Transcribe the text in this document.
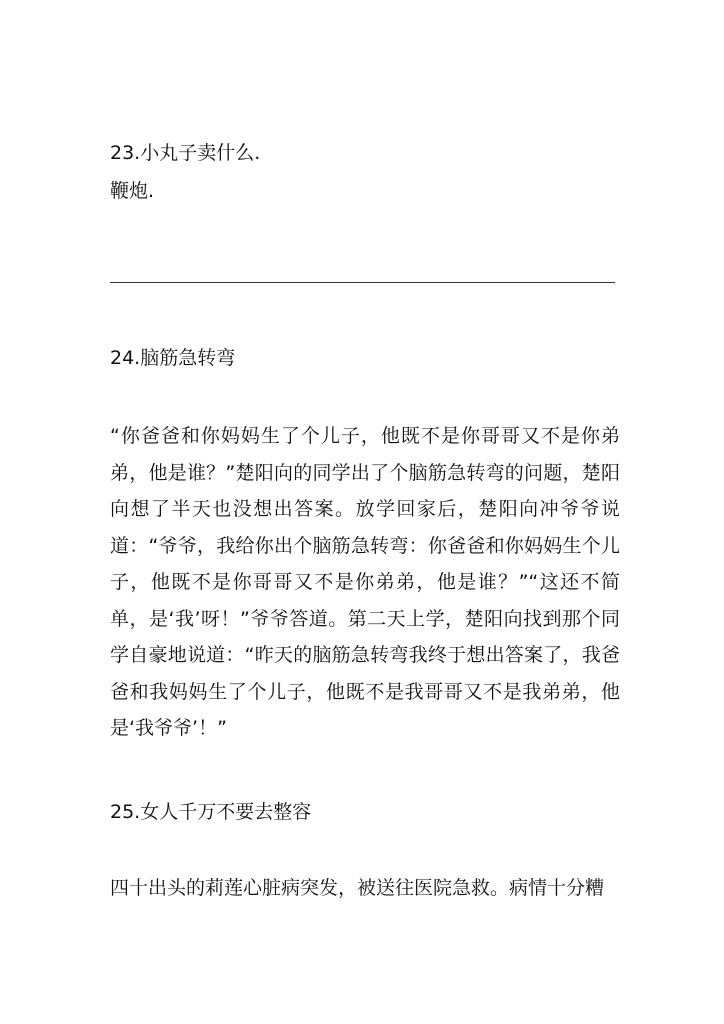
23.小丸子卖什么.
鞭炮.
24.脑筋急转弯
“你爸爸和你妈妈生了个儿子，他既不是你哥哥又不是你弟弟，他是谁？”楚阳向的同学出了个脑筋急转弯的问题，楚阳向想了半天也没想出答案。放学回家后，楚阳向冲爷爷说道：“爷爷，我给你出个脑筋急转弯：你爸爸和你妈妈生个儿子，他既不是你哥哥又不是你弟弟，他是谁？”“这还不简单，是‘我’呀！”爷爷答道。第二天上学，楚阳向找到那个同学自豪地说道：“昨天的脑筋急转弯我终于想出答案了，我爸爸和我妈妈生了个儿子，他既不是我哥哥又不是我弟弟，他是‘我爷爷’！”
25.女人千万不要去整容
四十出头的莉莲心脏病突发，被送往医院急救。病情十分糟
